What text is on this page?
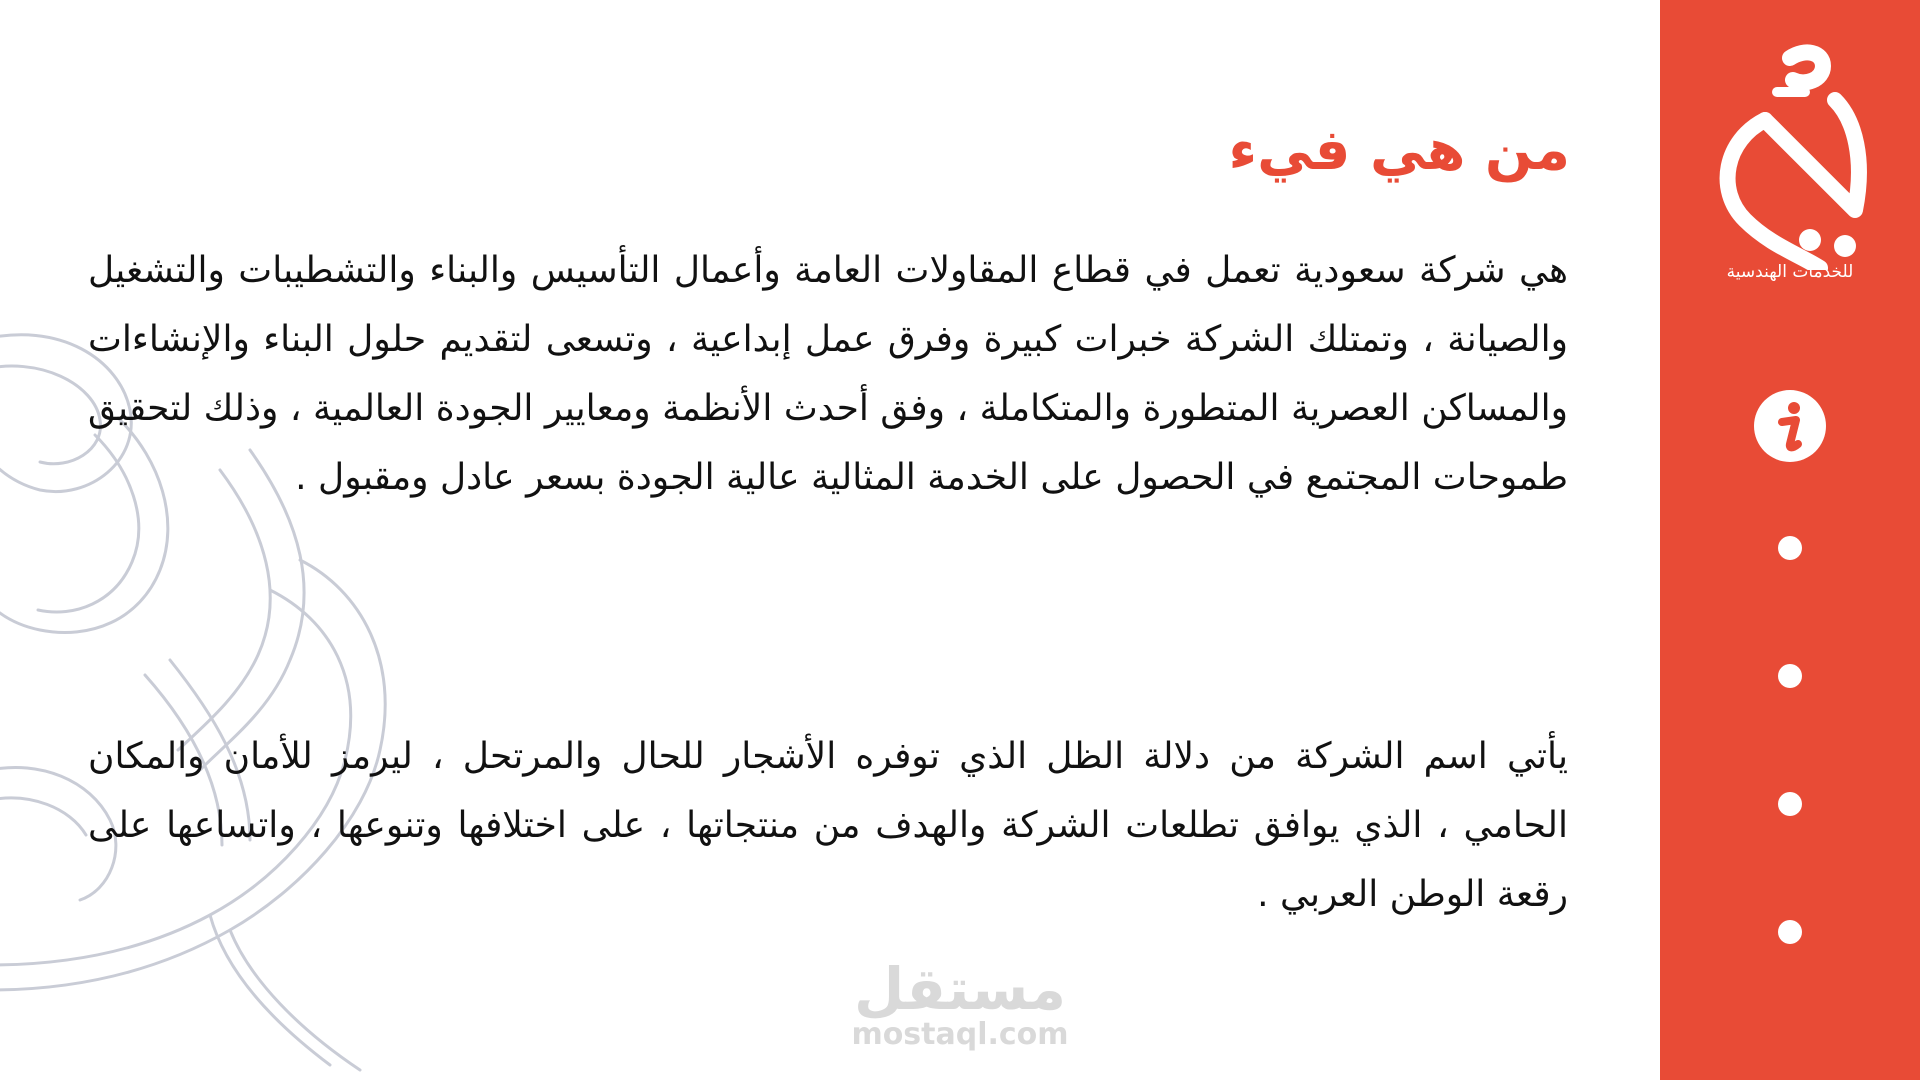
من هي فيء
هي شركة سعودية تعمل في قطاع المقاولات العامة وأعمال التأسيس والبناء والتشطيبات والتشغيل والصيانة ، وتمتلك الشركة خبرات كبيرة وفرق عمل إبداعية ، وتسعى لتقديم حلول البناء والإنشاءات والمساكن العصرية المتطورة والمتكاملة ، وفق أحدث الأنظمة ومعايير الجودة العالمية ، وذلك لتحقيق طموحات المجتمع في الحصول على الخدمة المثالية عالية الجودة بسعر عادل ومقبول .
يأتي اسم الشركة من دلالة الظل الذي توفره الأشجار للحال والمرتحل ، ليرمز للأمان والمكان الحامي ، الذي يوافق تطلعات الشركة والهدف من منتجاتها ، على اختلافها وتنوعها ، واتساعها على رقعة الوطن العربي .
مستقل
mostaql.com
للخدمات الهندسية
